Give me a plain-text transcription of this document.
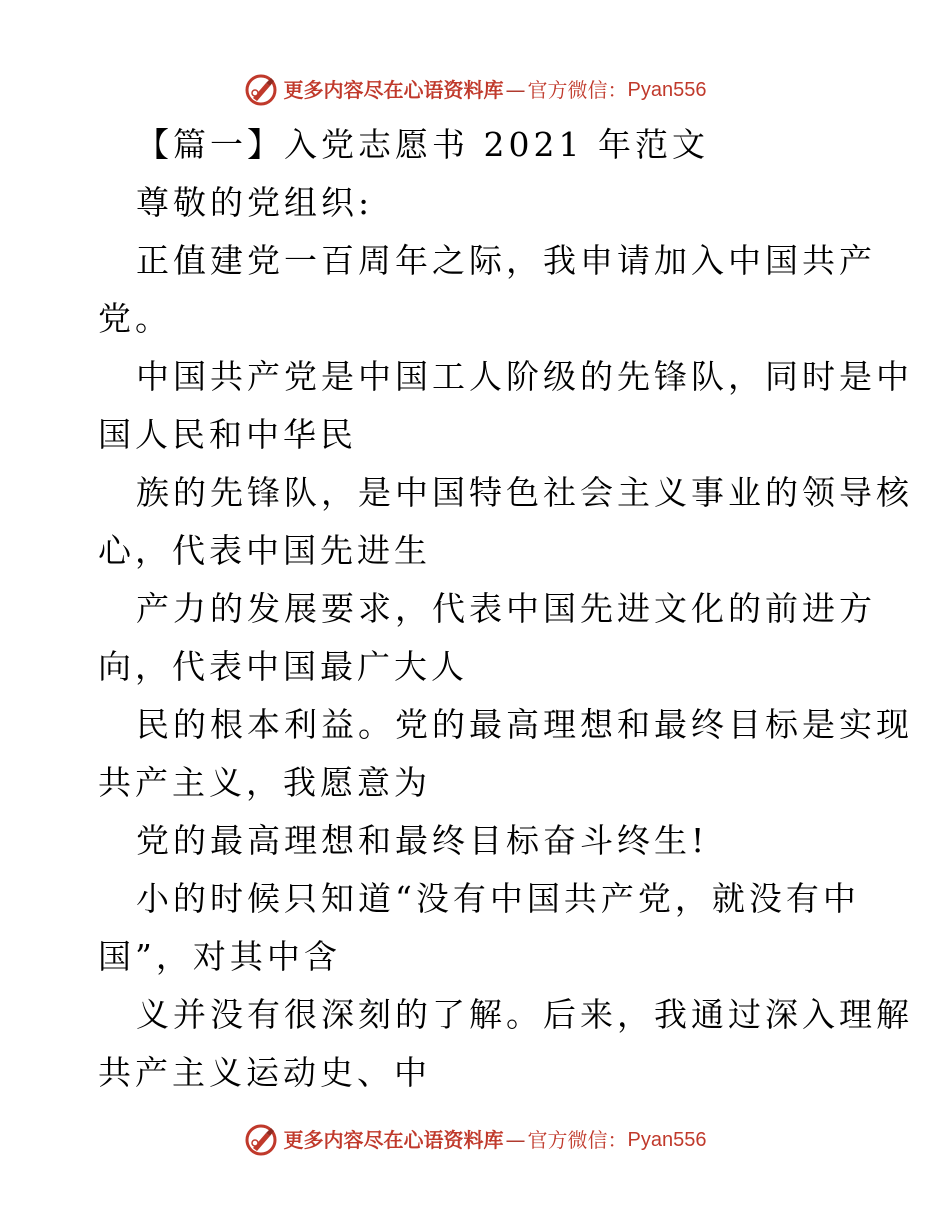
更多内容尽在心语资料库 — 官方微信： Pyan556
【篇一】入党志愿书 2021 年范文
尊敬的党组织:
正值建党一百周年之际，我申请加入中国共产
党。
中国共产党是中国工人阶级的先锋队，同时是中
国人民和中华民
族的先锋队，是中国特色社会主义事业的领导核
心，代表中国先进生
产力的发展要求，代表中国先进文化的前进方
向，代表中国最广大人
民的根本利益。党的最高理想和最终目标是实现
共产主义，我愿意为
党的最高理想和最终目标奋斗终生!
小的时候只知道“没有中国共产党，就没有中
国”，对其中含
义并没有很深刻的了解。后来，我通过深入理解
共产主义运动史、中
更多内容尽在心语资料库 — 官方微信： Pyan556
